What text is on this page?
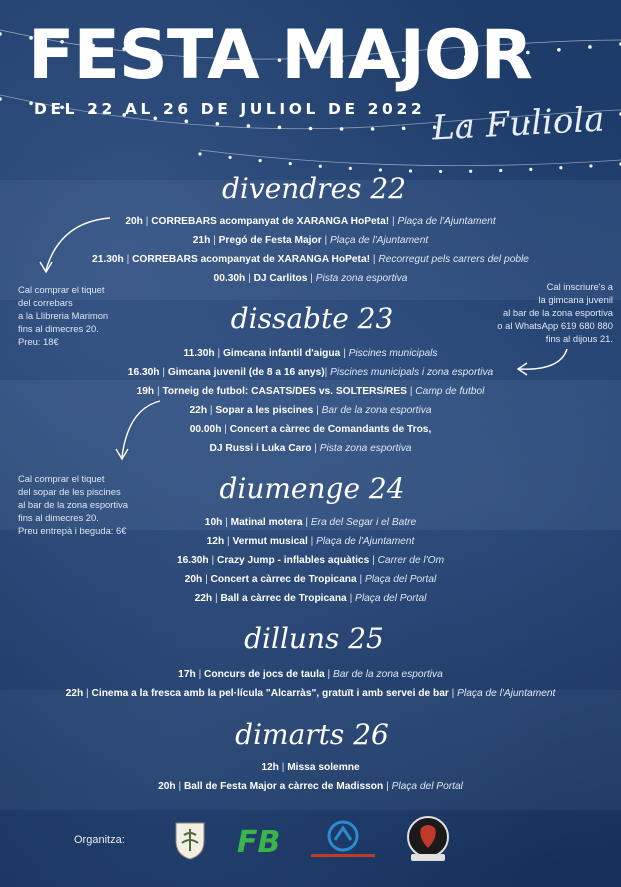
FESTA MAJOR
DEL 22 AL 26 DE JULIOL DE 2022 La Fuliola
divendres 22
20h | CORREBARS acompanyat de XARANGA HoPeta! | Plaça de l'Ajuntament
21h | Pregó de Festa Major | Plaça de l'Ajuntament
21.30h | CORREBARS acompanyat de XARANGA HoPeta! | Recorregut pels carrers del poble
00.30h | DJ Carlitos | Pista zona esportiva
dissabte 23
11.30h | Gimcana infantil d'aigua | Piscines municipals
16.30h | Gimcana juvenil (de 8 a 16 anys)| Piscines municipals i zona esportiva
19h | Torneig de futbol: CASATS/DES vs. SOLTERS/RES | Camp de futbol
22h | Sopar a les piscines | Bar de la zona esportiva
00.00h | Concert a càrrec de Comandants de Tros,
DJ Russi i Luka Caro | Pista zona esportiva
diumenge 24
10h | Matinal motera | Era del Segar i el Batre
12h | Vermut musical | Plaça de l'Ajuntament
16.30h | Crazy Jump - inflables aquàtics | Carrer de l'Om
20h | Concert a càrrec de Tropicana | Plaça del Portal
22h | Ball a càrrec de Tropicana | Plaça del Portal
dilluns 25
17h | Concurs de jocs de taula | Bar de la zona esportiva
22h | Cinema a la fresca amb la pel·lícula "Alcarràs", gratuït i amb servei de bar | Plaça de l'Ajuntament
dimarts 26
12h | Missa solemne
20h | Ball de Festa Major a càrrec de Madisson | Plaça del Portal
Cal comprar el tiquet
del correbars
a la Llibreria Marimon
fins al dimecres 20.
Preu: 18€
Cal inscriure's a
la gimcana juvenil
al bar de la zona esportiva
o al WhatsApp 619 680 880
fins al dijous 21.
Cal comprar el tiquet
del sopar de les piscines
al bar de la zona esportiva
fins al dimecres 20.
Preu entrepà i beguda: 6€
Organitza:	FB
